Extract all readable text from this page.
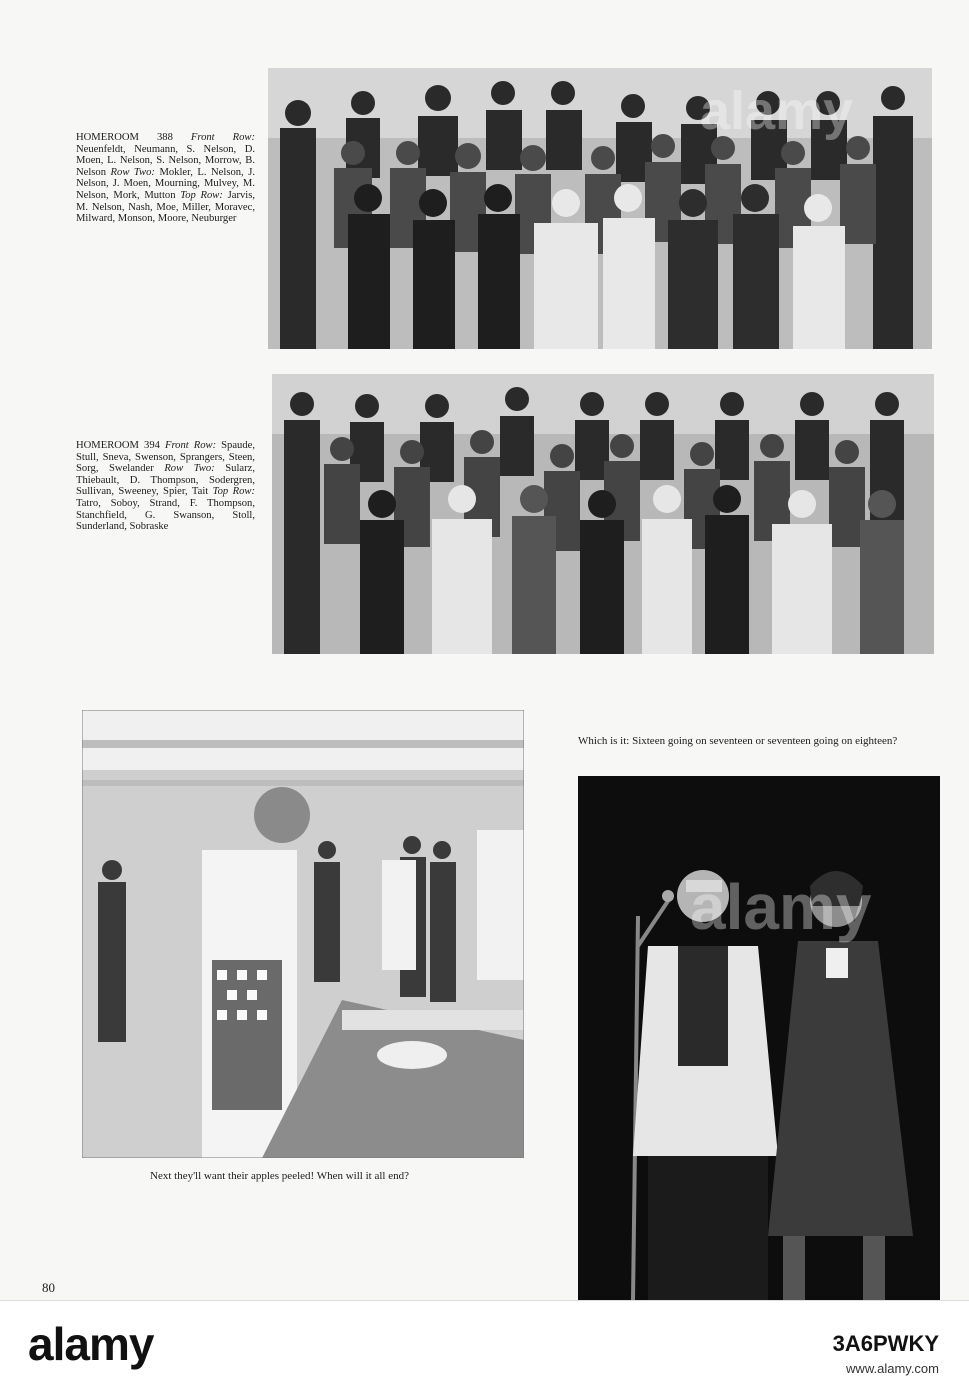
HOMEROOM 388 Front Row: Neuenfeldt, Neumann, S. Nelson, D. Moen, L. Nelson, S. Nelson, Morrow, B. Nelson Row Two: Mokler, L. Nelson, J. Nelson, J. Moen, Mourning, Mulvey, M. Nelson, Mork, Mutton Top Row: Jarvis, M. Nelson, Nash, Moe, Miller, Moravec, Milward, Monson, Moore, Neuburger
HOMEROOM 394 Front Row: Spaude, Stull, Sneva, Swenson, Sprangers, Steen, Sorg, Swelander Row Two: Sularz, Thiebault, D. Thompson, Sodergren, Sullivan, Sweeney, Spier, Tait Top Row: Tatro, Soboy, Strand, F. Thompson, Stanchfield, G. Swanson, Stoll, Sunderland, Sobraske
Next they'll want their apples peeled! When will it all end?
Which is it: Sixteen going on seventeen or seventeen going on eighteen?
alamy
alamy
80
alamy	3A6PWKY
www.alamy.com
